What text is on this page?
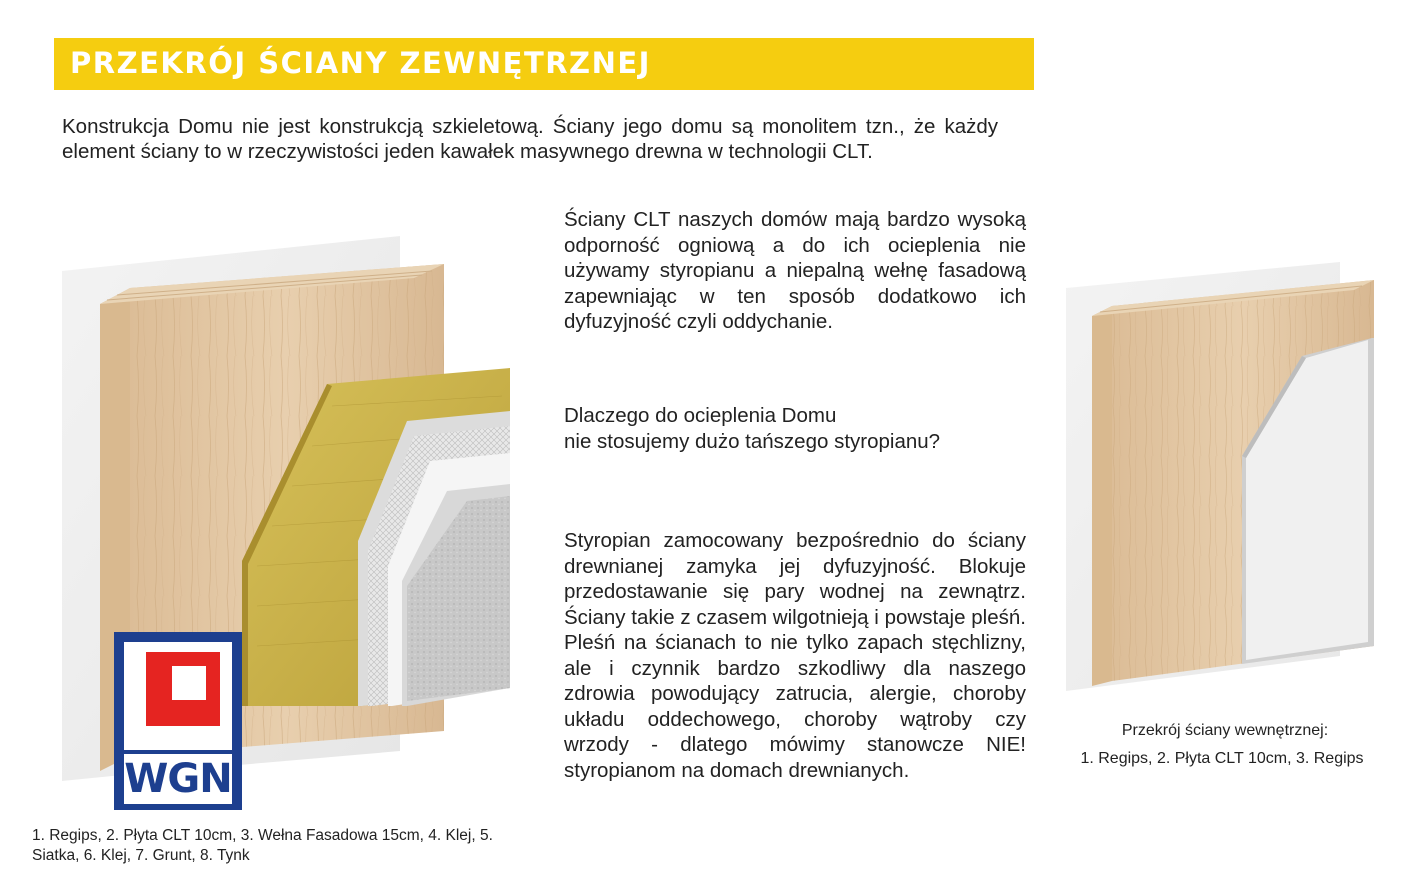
PRZEKRÓJ ŚCIANY ZEWNĘTRZNEJ

Konstrukcja Domu nie jest konstrukcją szkieletową. Ściany jego domu są monolitem tzn., że każdy element ściany to w rzeczywistości jeden kawałek masywnego drewna w technologii CLT.

WGN
1. Regips, 2. Płyta CLT 10cm, 3. Wełna Fasadowa 15cm, 4. Klej, 5. Siatka, 6. Klej, 7. Grunt, 8. Tynk

Ściany CLT naszych domów mają bardzo wysoką odporność ogniową a do ich ocieplenia nie używamy styropianu a niepalną wełnę fasadową zapewniając w ten sposób dodatkowo ich dyfuzyjność czyli oddychanie.

Dlaczego do ocieplenia Domu
nie stosujemy dużo tańszego styropianu?

Styropian zamocowany bezpośrednio do ściany drewnianej zamyka jej dyfuzyjność. Blokuje przedostawanie się pary wodnej na zewnątrz. Ściany takie z czasem wilgotnieją i powstaje pleśń. Pleśń na ścianach to nie tylko zapach stęchlizny, ale i czynnik bardzo szkodliwy dla naszego zdrowia powodujący zatrucia, alergie, choroby układu oddechowego, choroby wątroby czy wrzody - dlatego mówimy stanowcze NIE! styropianom na domach drewnianych.

Przekrój ściany wewnętrznej:
1. Regips, 2. Płyta CLT 10cm, 3. Regips
